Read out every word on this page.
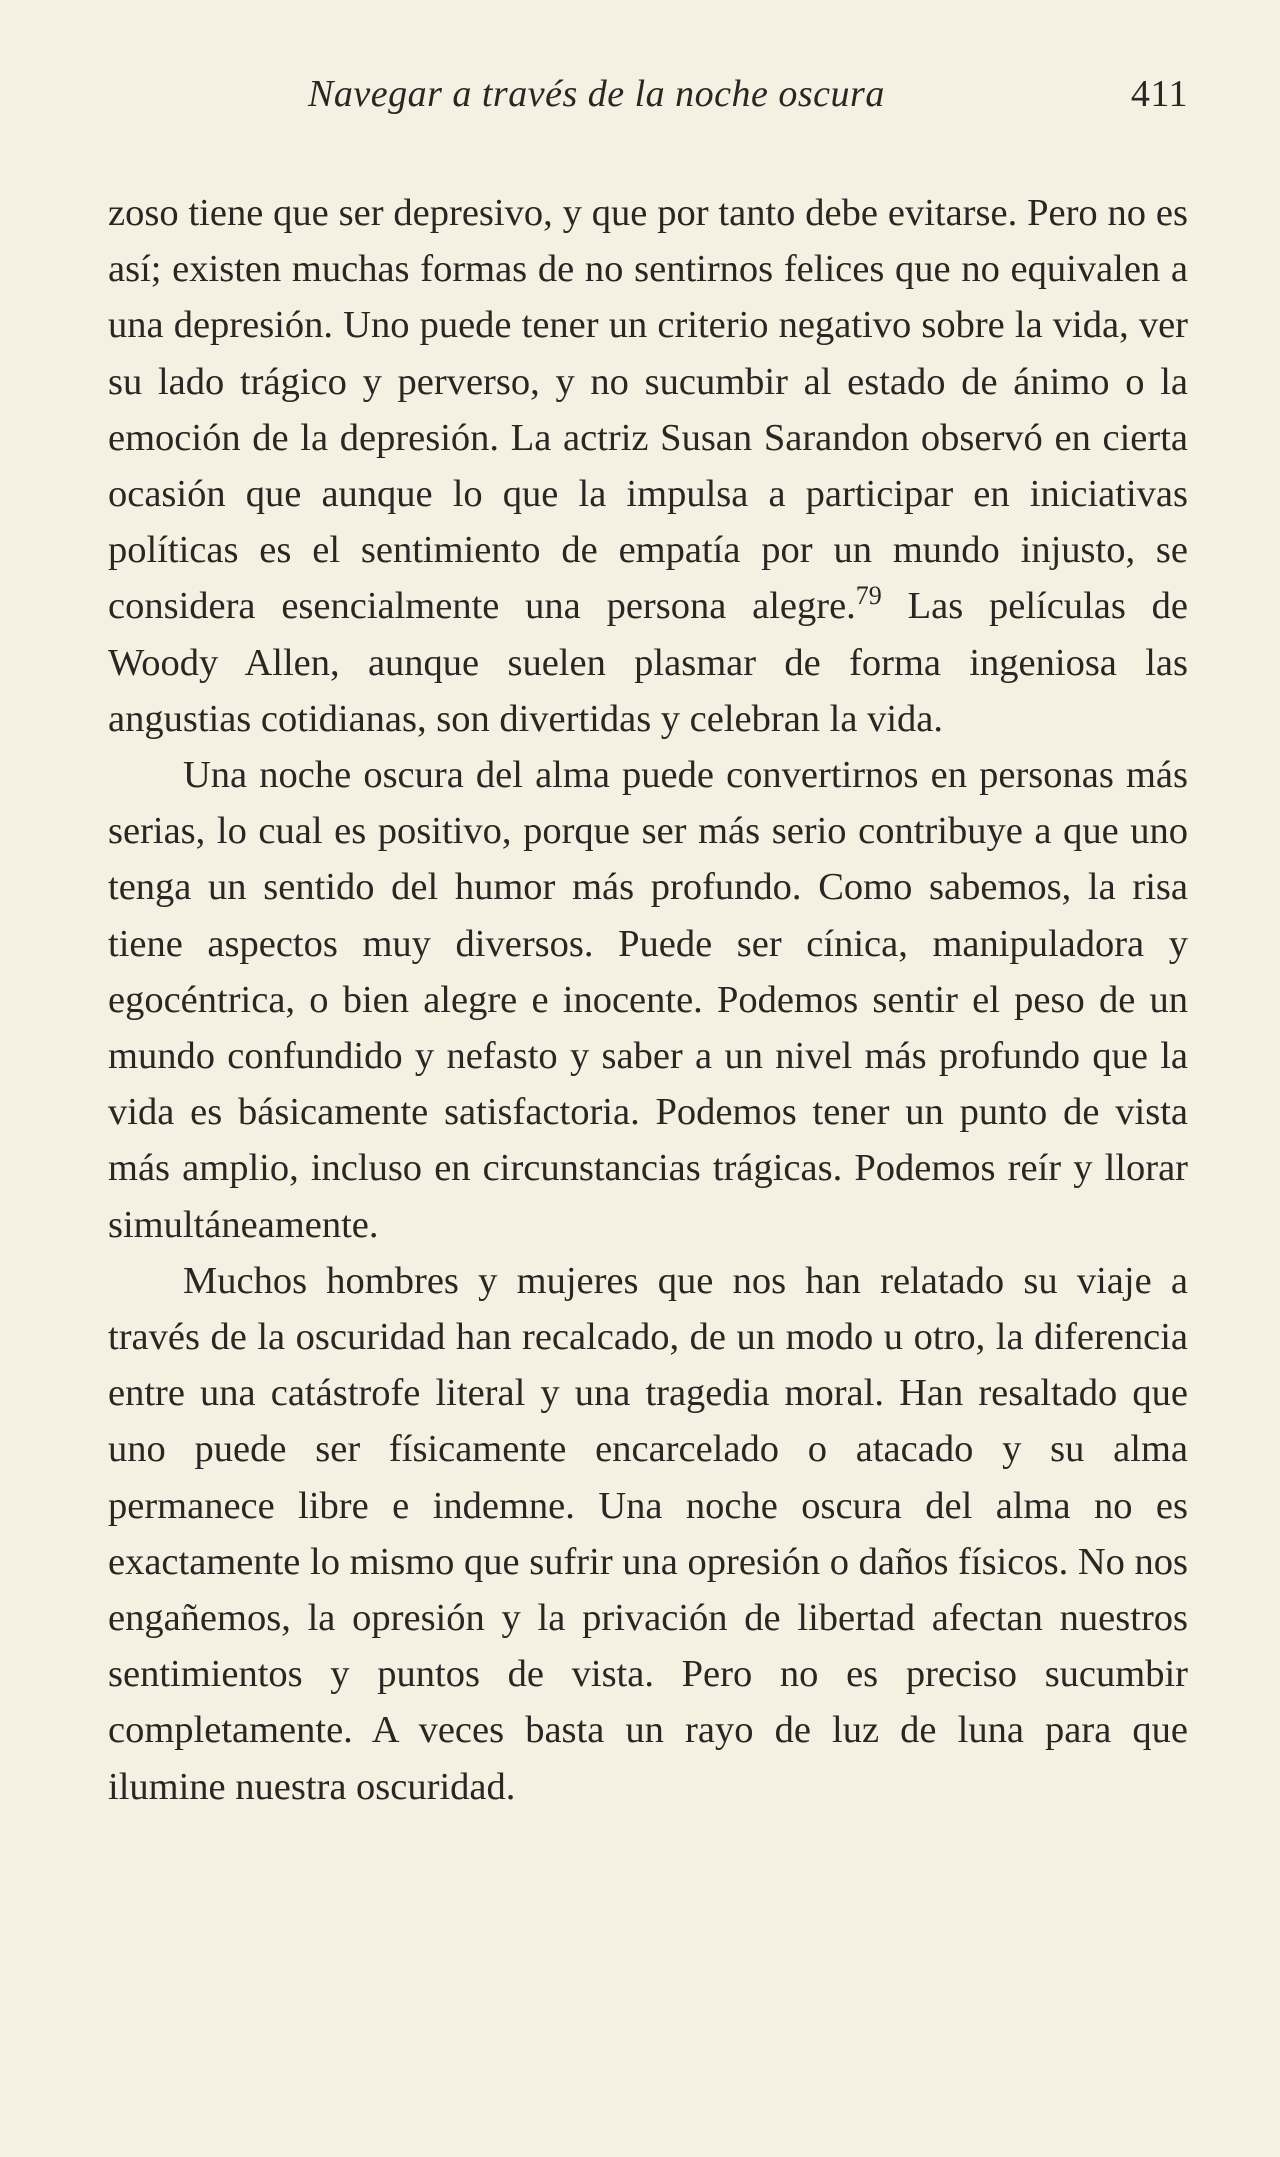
Navegar a través de la noche oscura	411

zoso tiene que ser depresivo, y que por tanto debe evitarse. Pero no es así; existen muchas formas de no sentirnos felices que no equivalen a una depresión. Uno puede tener un criterio negativo sobre la vida, ver su lado trágico y perverso, y no sucumbir al estado de ánimo o la emoción de la depresión. La actriz Susan Sarandon observó en cierta ocasión que aunque lo que la impulsa a participar en iniciativas políticas es el sentimiento de empatía por un mundo injusto, se considera esencialmente una persona alegre.$^{79}$ Las películas de Woody Allen, aunque suelen plasmar de forma ingeniosa las angustias cotidianas, son divertidas y celebran la vida.

Una noche oscura del alma puede convertirnos en personas más serias, lo cual es positivo, porque ser más serio contribuye a que uno tenga un sentido del humor más profundo. Como sabemos, la risa tiene aspectos muy diversos. Puede ser cínica, manipuladora y egocéntrica, o bien alegre e inocente. Podemos sentir el peso de un mundo confundido y nefasto y saber a un nivel más profundo que la vida es básicamente satisfactoria. Podemos tener un punto de vista más amplio, incluso en circunstancias trágicas. Podemos reír y llorar simultáneamente.

Muchos hombres y mujeres que nos han relatado su viaje a través de la oscuridad han recalcado, de un modo u otro, la diferencia entre una catástrofe literal y una tragedia moral. Han resaltado que uno puede ser físicamente encarcelado o atacado y su alma permanece libre e indemne. Una noche oscura del alma no es exactamente lo mismo que sufrir una opresión o daños físicos. No nos engañemos, la opresión y la privación de libertad afectan nuestros sentimientos y puntos de vista. Pero no es preciso sucumbir completamente. A veces basta un rayo de luz de luna para que ilumine nuestra oscuridad.
